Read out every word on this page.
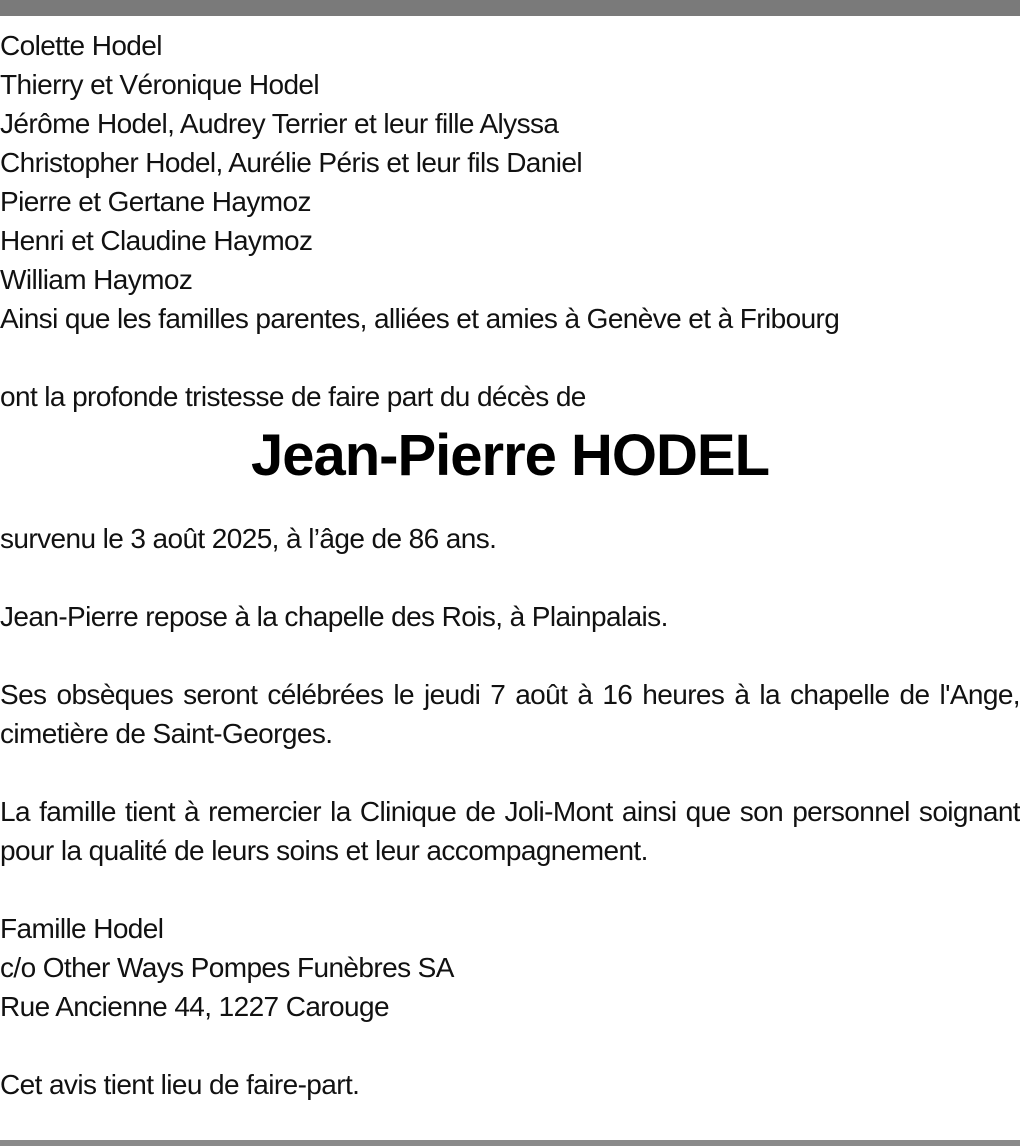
Colette Hodel
Thierry et Véronique Hodel
Jérôme Hodel, Audrey Terrier et leur fille Alyssa
Christopher Hodel, Aurélie Péris et leur fils Daniel
Pierre et Gertane Haymoz
Henri et Claudine Haymoz
William Haymoz
Ainsi que les familles parentes, alliées et amies à Genève et à Fribourg
ont la profonde tristesse de faire part du décès de
Jean-Pierre HODEL
survenu le 3 août 2025, à l’âge de 86 ans.
Jean-Pierre repose à la chapelle des Rois, à Plainpalais.
Ses obsèques seront célébrées le jeudi 7 août à 16 heures à la chapelle de l'Ange, cimetière de Saint-Georges.
La famille tient à remercier la Clinique de Joli-Mont ainsi que son personnel soignant pour la qualité de leurs soins et leur accompagnement.
Famille Hodel
c/o Other Ways Pompes Funèbres SA
Rue Ancienne 44, 1227 Carouge
Cet avis tient lieu de faire-part.
